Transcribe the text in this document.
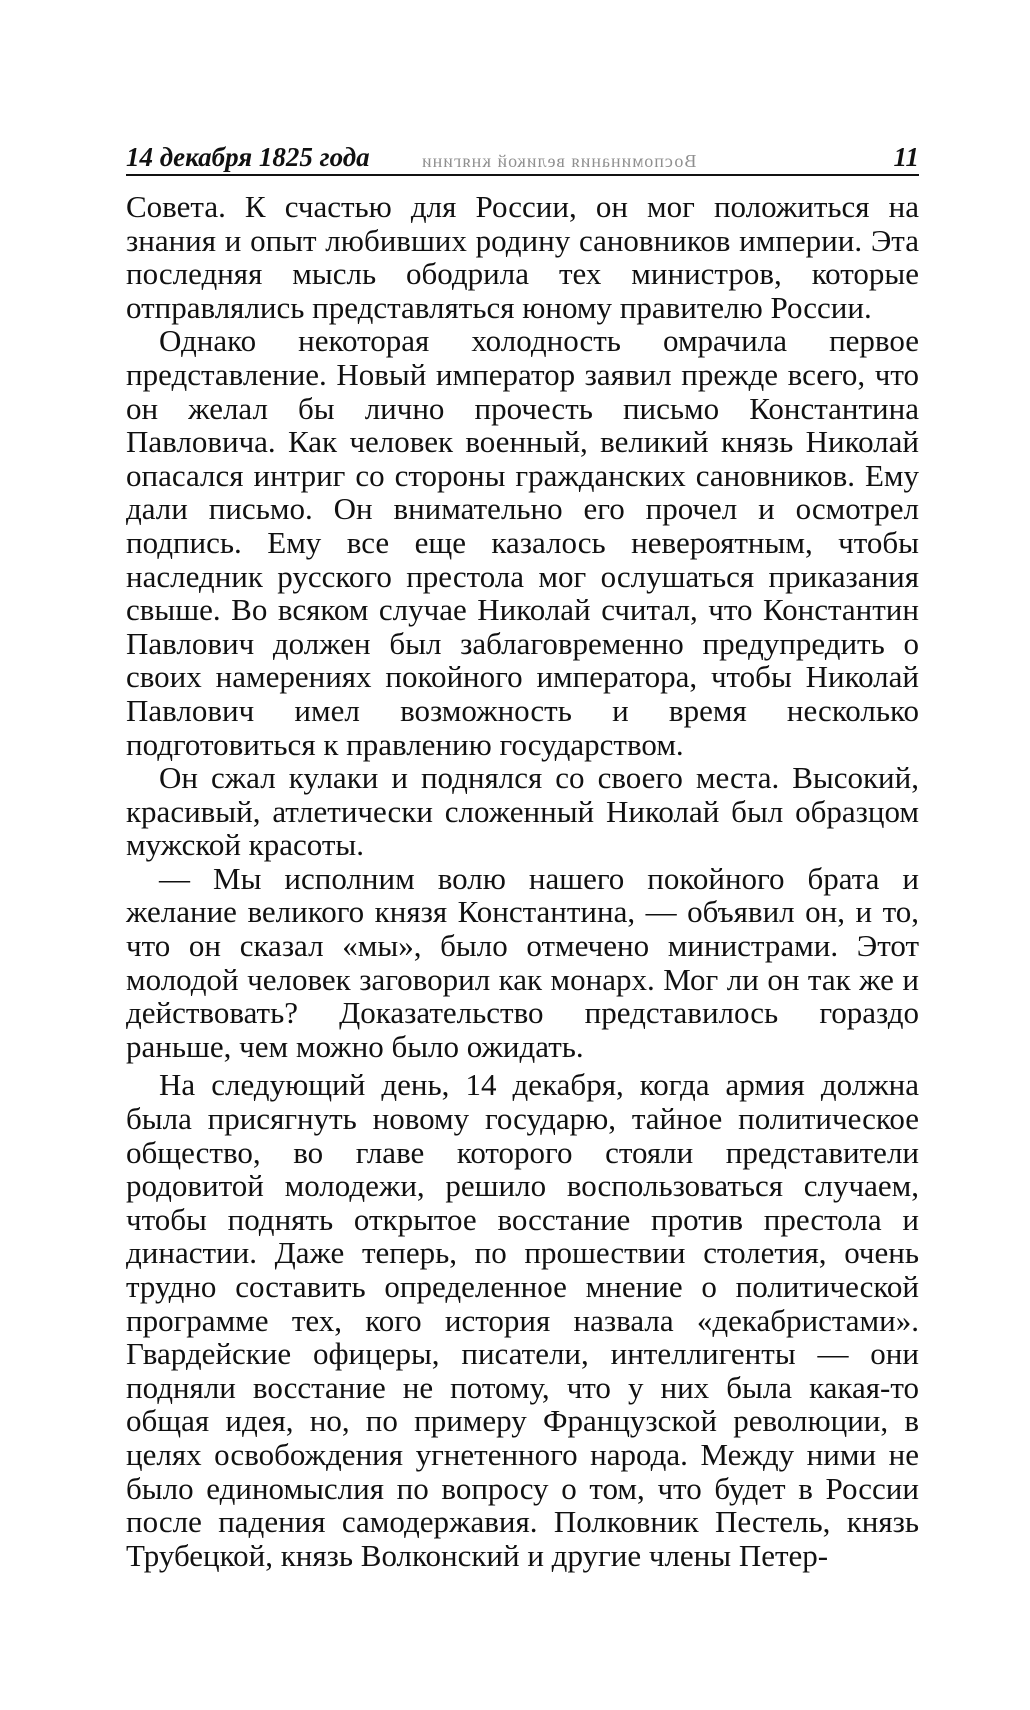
14 декабря 1825 года	Воспоминания великой княгини	11

Совета. К счастью для России, он мог положиться на знания и опыт любивших родину сановников империи. Эта последняя мысль ободрила тех министров, которые отправлялись представляться юному правителю России.

Однако некоторая холодность омрачила первое представление. Новый император заявил прежде всего, что он желал бы лично прочесть письмо Константина Павловича. Как человек военный, великий князь Николай опасался интриг со стороны гражданских сановников. Ему дали письмо. Он внимательно его прочел и осмотрел подпись. Ему все еще казалось невероятным, чтобы наследник русского престола мог ослушаться приказания свыше. Во всяком случае Николай считал, что Константин Павлович должен был заблаговременно предупредить о своих намерениях покойного императора, чтобы Николай Павлович имел возможность и время несколько подготовиться к правлению государством.

Он сжал кулаки и поднялся со своего места. Высокий, красивый, атлетически сложенный Николай был образцом мужской красоты.

— Мы исполним волю нашего покойного брата и желание великого князя Константина, — объявил он, и то, что он сказал «мы», было отмечено министрами. Этот молодой человек заговорил как монарх. Мог ли он так же и действовать? Доказательство представилось гораздо раньше, чем можно было ожидать.

На следующий день, 14 декабря, когда армия должна была присягнуть новому государю, тайное политическое общество, во главе которого стояли представители родовитой молодежи, решило воспользоваться случаем, чтобы поднять открытое восстание против престола и династии. Даже теперь, по прошествии столетия, очень трудно составить определенное мнение о политической программе тех, кого история назвала «декабристами». Гвардейские офицеры, писатели, интеллигенты — они подняли восстание не потому, что у них была какая-то общая идея, но, по примеру Французской революции, в целях освобождения угнетенного народа. Между ними не было единомыслия по вопросу о том, что будет в России после падения самодержавия. Полковник Пестель, князь Трубецкой, князь Волконский и другие члены Петер-
